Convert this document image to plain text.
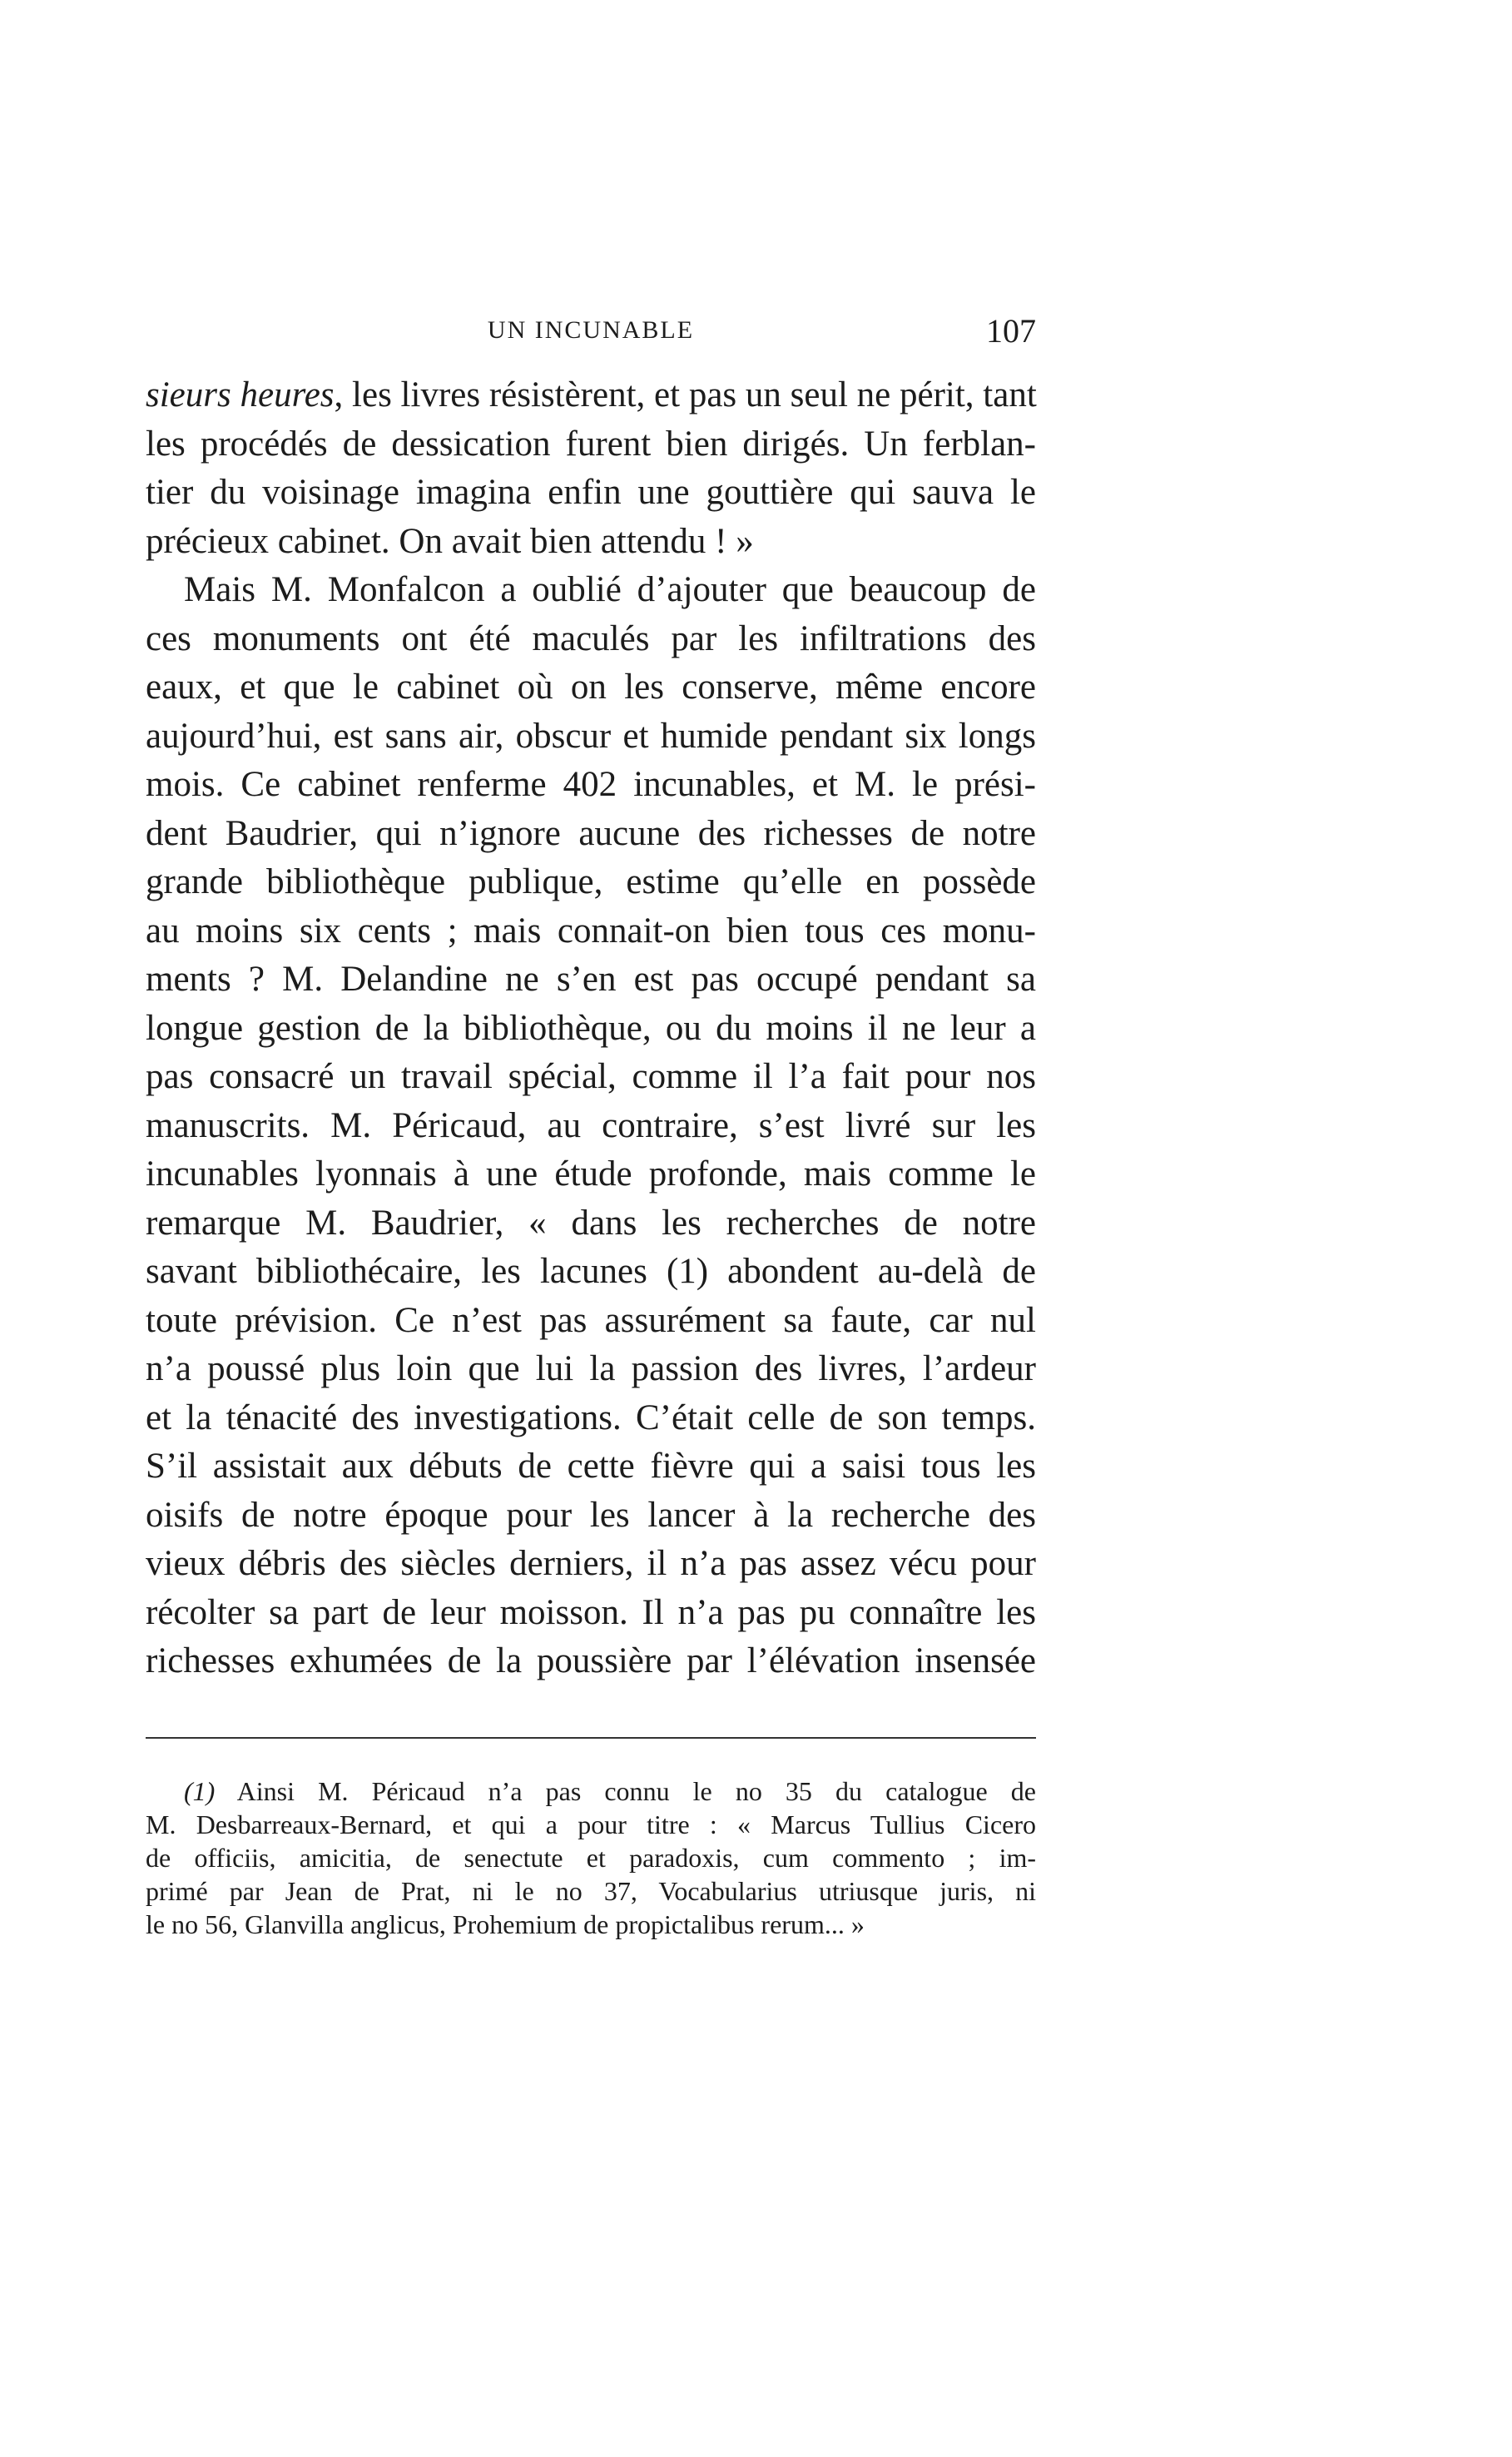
UN INCUNABLE	107
sieurs heures, les livres résistèrent, et pas un seul ne périt, tant
les procédés de dessication furent bien dirigés. Un ferblan-
tier du voisinage imagina enfin une gouttière qui sauva le
précieux cabinet. On avait bien attendu ! »
Mais M. Monfalcon a oublié d’ajouter que beaucoup de
ces monuments ont été maculés par les infiltrations des
eaux, et que le cabinet où on les conserve, même encore
aujourd’hui, est sans air, obscur et humide pendant six longs
mois. Ce cabinet renferme 402 incunables, et M. le prési-
dent Baudrier, qui n’ignore aucune des richesses de notre
grande bibliothèque publique, estime qu’elle en possède
au moins six cents ; mais connait-on bien tous ces monu-
ments ? M. Delandine ne s’en est pas occupé pendant sa
longue gestion de la bibliothèque, ou du moins il ne leur a
pas consacré un travail spécial, comme il l’a fait pour nos
manuscrits. M. Péricaud, au contraire, s’est livré sur les
incunables lyonnais à une étude profonde, mais comme le
remarque M. Baudrier, « dans les recherches de notre
savant bibliothécaire, les lacunes (1) abondent au-delà de
toute prévision. Ce n’est pas assurément sa faute, car nul
n’a poussé plus loin que lui la passion des livres, l’ardeur
et la ténacité des investigations. C’était celle de son temps.
S’il assistait aux débuts de cette fièvre qui a saisi tous les
oisifs de notre époque pour les lancer à la recherche des
vieux débris des siècles derniers, il n’a pas assez vécu pour
récolter sa part de leur moisson. Il n’a pas pu connaître les
richesses exhumées de la poussière par l’élévation insensée
(1) Ainsi M. Péricaud n’a pas connu le no 35 du catalogue de
M. Desbarreaux-Bernard, et qui a pour titre : « Marcus Tullius Cicero
de officiis, amicitia, de senectute et paradoxis, cum commento ; im-
primé par Jean de Prat, ni le no 37, Vocabularius utriusque juris, ni
le no 56, Glanvilla anglicus, Prohemium de propictalibus rerum... »
